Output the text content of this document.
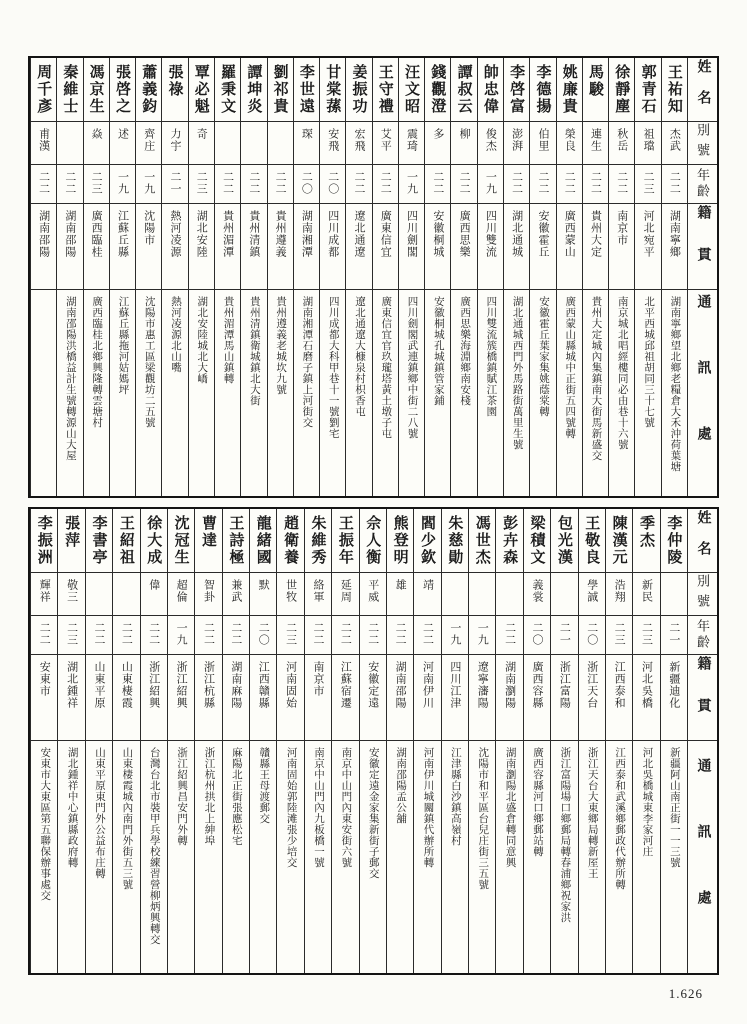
姓名
別號
年齡
籍貫
通訊處
王祐知
杰武
二二
湖南寧鄉
湖南寧鄉望北鄉老糧倉大禾沖荷葉塘
郭青石
祖璫
二三
河北宛平
北平西城邱祖胡同三十七號
徐靜塵
秋岳
二二
南京市
南京城北唱經樓同必由巷十六號
馬駿
連生
二二
貴州大定
貴州大定城內集鎮南大街馬新盛交
姚廉貴
榮良
二二
廣西蒙山
廣西蒙山縣城中正街五四號轉
李德揚
伯里
二二
安徽霍丘
安徽霍丘葉家集姚蔭棠轉
李啓富
澎湃
二二
湖北通城
湖北通城西門外馬路街萬里生號
帥忠偉
俊杰
一九
四川雙流
四川雙流簇橋鎮賦江茶園
譚叔云
柳
二二
廣西思樂
廣西思樂海淵鄉南安棧
錢觀澄
多
二二
安徽桐城
安徽桐城孔城鎮管家鋪
汪文昭
震琦
一九
四川劍閣
四川劍閣武連鎮鄉中街二八號
王守禮
艾平
二二
廣東信宜
廣東信宜官玖瓏塔黃土墩子屯
姜振功
宏飛
二二
遼北通遼
遼北通遼大槺泉村枳香屯
甘棠蓀
安飛
二〇
四川成都
四川成都大科甲巷十一號劉宅
李世遠
琛
二〇
湖南湘潭
湖南湘潭石磨子鎮上河街交
劉祁貴
二二
貴州遵義
貴州遵義老城坎九號
譚坤炎
二二
貴州清鎮
貴州清鎮衛城鎮北大街
羅秉文
二二
貴州湄潭
貴州湄潭馬山鎮轉
覃必魁
奇
二三
湖北安陸
湖北安陸城北大嶠
張祿
力宇
二一
熱河凌源
熱河凌源北山嘴
蕭義鈞
齊庄
一九
沈陽市
沈陽市惠工區梁觀坊二五號
張啓之
述
一九
江蘇丘縣
江蘇丘縣拖河姑媽坪
馮京生
焱
二三
廣西臨桂
廣西臨桂北鄉興隆轉雲塘村
秦維士
二二
湖南邵陽
湖南邵陽洪橋益計生號轉源山大屋
周千彥
甫漢
二二
湖南邵陽
姓名
別號
年齡
籍貫
通訊處
李仲陵
二一
新疆迪化
新疆阿山南正街一一三號
季杰
新民
二三
河北吳橋
河北吳橋城東李家河庄
陳漢元
浩翔
二三
江西泰和
江西泰和武溪鄉郵政代辦所轉
王敬良
學誠
二〇
浙江天台
浙江天台大東鄉局轉新厔王
包光漢
二一
浙江富陽
浙江富陽場口鄉郵局轉春浦鄉祝家洪
梁積文
義裳
二〇
廣西容縣
廣西容縣河口鄉郵站轉
彭卉森
二二
湖南瀏陽
湖南瀏陽北盛倉轉同意興
馮世杰
一九
遼寧瀋陽
沈陽市和平區台兒庄街三五號
朱慈勛
一九
四川江津
江津縣白沙鎮高嶺村
閻少欽
靖
二二
河南伊川
河南伊川城關鎮代辦所轉
熊登明
雄
二二
湖南邵陽
湖南邵陽孟公舖
佘人衡
平威
二二
安徽定遠
安徽定遠金家集新街子郵交
王振年
延周
二二
江蘇宿遷
南京中山門內東安街六號
朱維秀
絡軍
二二
南京市
南京中山門內九板橋一號
趙衛養
世牧
二三
河南固始
河南固始郭陸滩張少培交
龍緒國
默
二〇
江西贛縣
贛縣王母渡郵交
王詩極
兼武
二二
湖南麻陽
麻陽北正街張應松宅
曹達
智卦
二二
浙江杭縣
浙江杭州拱北上紳埠
沈冠生
超倫
一九
浙江紹興
浙江紹興昌安門外轉
徐大成
偉
二二
浙江紹興
台灣台北市裝甲兵學校練習營柳炳興轉交
王紹祖
二二
山東棲霞
山東棲霞城內南門外街五三號
李書亭
二二
山東平原
山東平原東門外公益布庄轉
張萍
敬三
二三
湖北鍾祥
湖北鍾祥中心鎮縣政府轉
李振洲
輝祥
二二
安東市
安東市大東區第五聯保辦事處交
1.626
